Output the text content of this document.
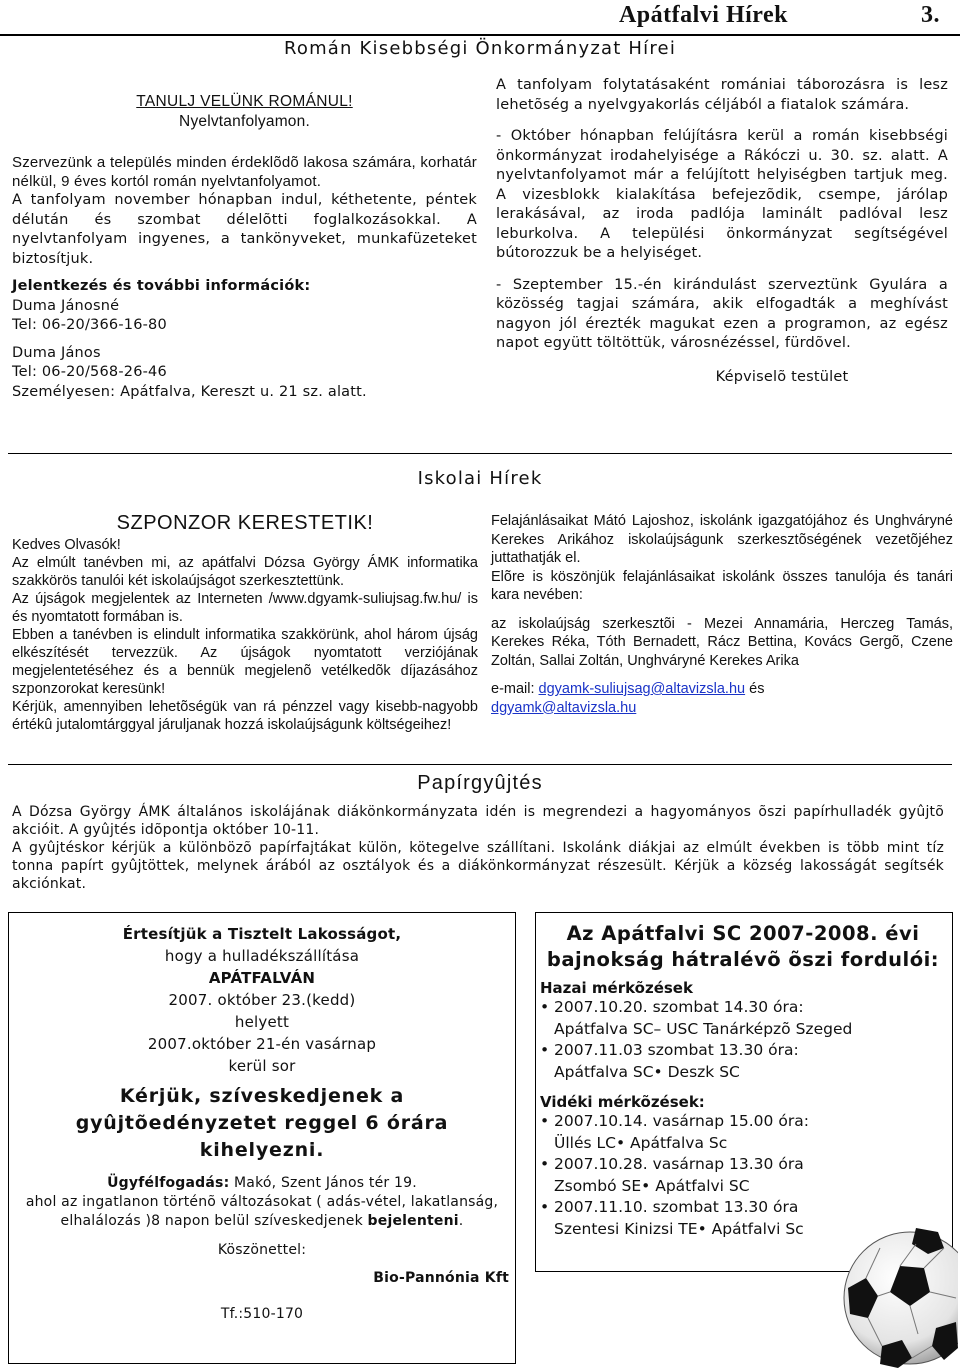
Apátfalvi Hírek	3.
Román Kisebbségi Önkormányzat Hírei
TANULJ VELÜNK ROMÁNUL!
Nyelvtanfolyamon.

Szervezünk a település minden érdeklõdõ lakosa számára, korhatár nélkül, 9 éves kortól román nyelvtanfolyamot.

A tanfolyam november hónapban indul, kéthetente, péntek délután és szombat délelõtti foglalkozásokkal. A nyelvtanfolyam ingyenes, a tankönyveket, munkafüzeteket biztosítjuk.

Jelentkezés és további információk:

Duma Jánosné

Tel: 06-20/366-16-80

Duma János

Tel: 06-20/568-26-46

Személyesen: Apátfalva, Kereszt u. 21 sz. alatt.

A tanfolyam folytatásaként romániai táborozásra is lesz lehetõség a nyelvgyakorlás céljából a fiatalok számára.

- Október hónapban felújításra kerül a román kisebbségi önkormányzat irodahelyisége a Rákóczi u. 30. sz. alatt. A nyelvtanfolyamot már a felújított helyiségben tartjuk meg. A vizesblokk kialakítása befejezõdik, csempe, járólap lerakásával, az iroda padlója laminált padlóval lesz leburkolva. A települési önkormányzat segítségével bútorozzuk be a helyiséget.

- Szeptember 15.-én kirándulást szerveztünk Gyulára a közösség tagjai számára, akik elfogadták a meghívást nagyon jól érezték magukat ezen a programon, az egész napot együtt töltöttük, városnézéssel, fürdõvel.

Képviselõ testület

Iskolai Hírek
SZPONZOR KERESTETIK!

Kedves Olvasók!

Az elmúlt tanévben mi, az apátfalvi Dózsa György ÁMK informatika szakkörös tanulói két iskolaújságot szerkesztettünk.

Az újságok megjelentek az Interneten /www.dgyamk-suliujsag.fw.hu/ is és nyomtatott formában is.

Ebben a tanévben is elindult informatika szakkörünk, ahol három újság elkészítését tervezzük. Az újságok nyomtatott verziójának megjelentetéséhez és a bennük megjelenõ vetélkedõk díjazásához szponzorokat keresünk!

Kérjük, amennyiben lehetõségük van rá pénzzel vagy kisebb-nagyobb értékû jutalomtárggyal járuljanak hozzá iskolaújságunk költségeihez!

Felajánlásaikat Mátó Lajoshoz, iskolánk igazgatójához és Unghváryné Kerekes Arikához iskolaújságunk szerkesztõségének vezetõjéhez juttathatják el.

Elõre is köszönjük felajánlásaikat iskolánk összes tanulója és tanári kara nevében:

az iskolaújság szerkesztõi - Mezei Annamária, Herczeg Tamás, Kerekes Réka, Tóth Bernadett, Rácz Bettina, Kovács Gergõ, Czene Zoltán, Sallai Zoltán, Unghváryné Kerekes Arika

e-mail: dgyamk-suliujsag@altavizsla.hu és
dgyamk@altavizsla.hu

Papírgyûjtés

A Dózsa György ÁMK általános iskolájának diákönkormányzata idén is megrendezi a hagyományos õszi papírhulladék gyûjtõ akcióit. A gyûjtés idõpontja október 10-11.

A gyûjtéskor kérjük a különbözõ papírfajtákat külön, kötegelve szállítani. Iskolánk diákjai az elmúlt években is több mint tíz tonna papírt gyûjtöttek, melynek árából az osztályok és a diákönkormányzat részesült. Kérjük a község lakosságát segítsék akciónkat.

Értesítjük a Tisztelt Lakosságot,

hogy a hulladékszállítása

APÁTFALVÁN

2007. október 23.(kedd)

helyett

2007.október 21-én vasárnap

kerül sor

Kérjük, szíveskedjenek a

gyûjtõedényzetet reggel 6 órára

kihelyezni.

Ügyfélfogadás: Makó, Szent János tér 19.

ahol az ingatlanon történõ változásokat ( adás-vétel, lakatlanság, elhalálozás )8 napon belül szíveskedjenek bejelenteni.

Köszönettel:

Bio-Pannónia Kft

Tf.:510-170

Az Apátfalvi SC 2007-2008. évi

bajnokság hátralévõ õszi fordulói:

Hazai mérkõzések

• 2007.10.20. szombat 14.30 óra:
Apátfalva SC– USC Tanárképzõ Szeged
• 2007.11.03 szombat 13.30 óra:
Apátfalva SC• Deszk SC

Vidéki mérkõzések:

• 2007.10.14. vasárnap 15.00 óra:
Üllés LC• Apátfalva Sc
• 2007.10.28. vasárnap 13.30 óra
Zsombó SE• Apátfalvi SC
• 2007.11.10. szombat 13.30 óra
Szentesi Kinizsi TE• Apátfalvi Sc
